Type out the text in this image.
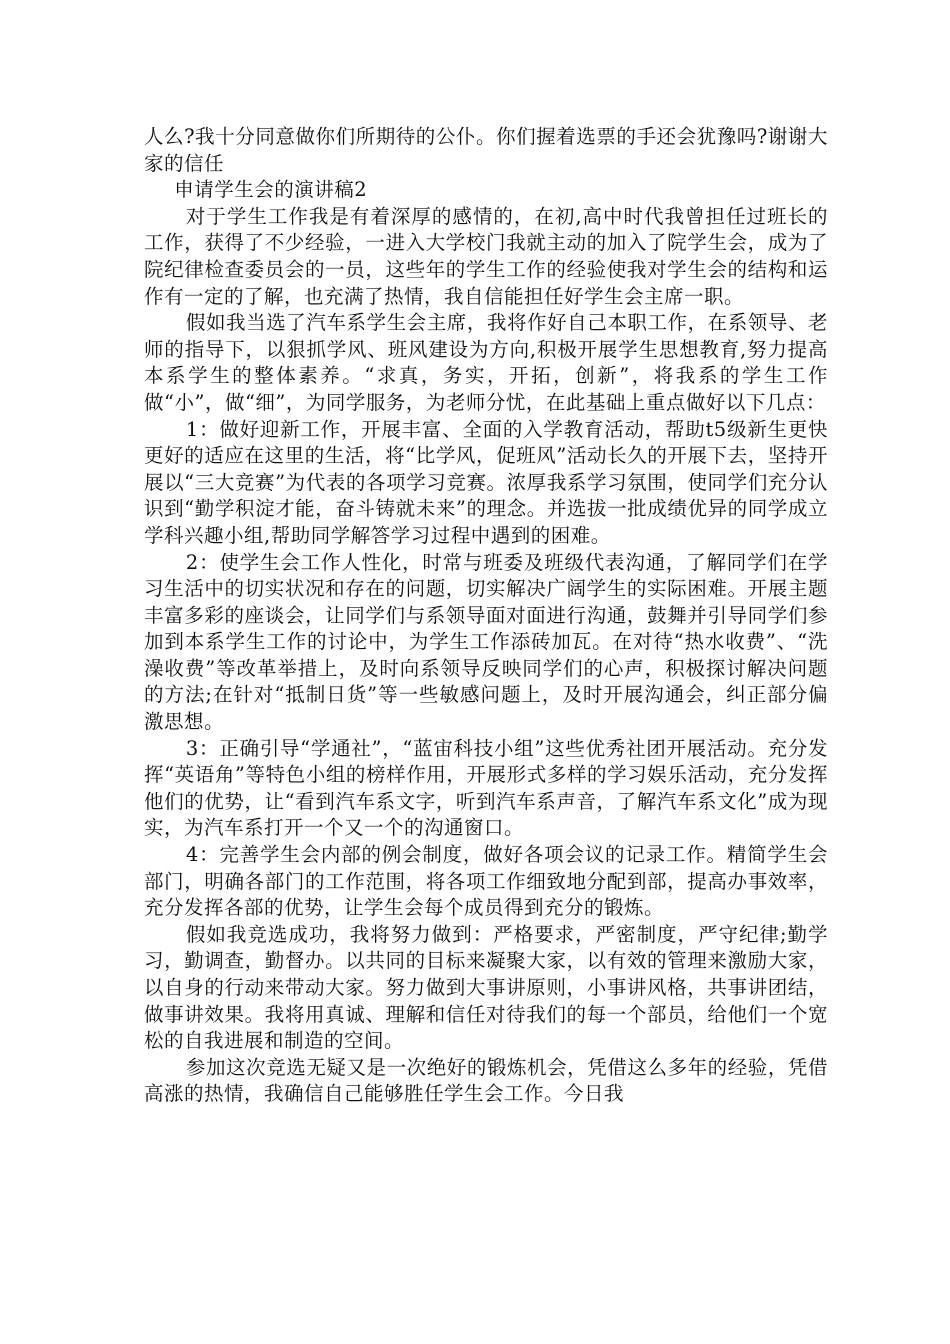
人么?我十分同意做你们所期待的公仆。你们握着选票的手还会犹豫吗?谢谢大家的信任

申请学生会的演讲稿2

对于学生工作我是有着深厚的感情的，在初,高中时代我曾担任过班长的工作，获得了不少经验，一进入大学校门我就主动的加入了院学生会，成为了院纪律检查委员会的一员，这些年的学生工作的经验使我对学生会的结构和运作有一定的了解，也充满了热情，我自信能担任好学生会主席一职。

假如我当选了汽车系学生会主席，我将作好自己本职工作，在系领导、老师的指导下，以狠抓学风、班风建设为方向,积极开展学生思想教育,努力提高本系学生的整体素养。“求真，务实，开拓，创新”，将我系的学生工作做“小”，做“细”，为同学服务，为老师分忧，在此基础上重点做好以下几点：

1：做好迎新工作，开展丰富、全面的入学教育活动，帮助t5级新生更快更好的适应在这里的生活，将“比学风，促班风”活动长久的开展下去，坚持开展以“三大竞赛”为代表的各项学习竞赛。浓厚我系学习氛围，使同学们充分认识到“勤学积淀才能，奋斗铸就未来”的理念。并选拔一批成绩优异的同学成立学科兴趣小组,帮助同学解答学习过程中遇到的困难。

2：使学生会工作人性化，时常与班委及班级代表沟通，了解同学们在学习生活中的切实状况和存在的问题，切实解决广阔学生的实际困难。开展主题丰富多彩的座谈会，让同学们与系领导面对面进行沟通，鼓舞并引导同学们参加到本系学生工作的讨论中，为学生工作添砖加瓦。在对待“热水收费”、“洗澡收费”等改革举措上，及时向系领导反映同学们的心声，积极探讨解决问题的方法;在针对“抵制日货”等一些敏感问题上，及时开展沟通会，纠正部分偏激思想。

3：正确引导“学通社”，“蓝宙科技小组”这些优秀社团开展活动。充分发挥“英语角”等特色小组的榜样作用，开展形式多样的学习娱乐活动，充分发挥他们的优势，让“看到汽车系文字，听到汽车系声音，了解汽车系文化”成为现实，为汽车系打开一个又一个的沟通窗口。

4：完善学生会内部的例会制度，做好各项会议的记录工作。精简学生会部门，明确各部门的工作范围，将各项工作细致地分配到部，提高办事效率，充分发挥各部的优势，让学生会每个成员得到充分的锻炼。

假如我竞选成功，我将努力做到：严格要求，严密制度，严守纪律;勤学习，勤调查，勤督办。以共同的目标来凝聚大家，以有效的管理来激励大家，以自身的行动来带动大家。努力做到大事讲原则，小事讲风格，共事讲团结，做事讲效果。我将用真诚、理解和信任对待我们的每一个部员，给他们一个宽松的自我进展和制造的空间。

参加这次竞选无疑又是一次绝好的锻炼机会，凭借这么多年的经验，凭借高涨的热情，我确信自己能够胜任学生会工作。今日我
